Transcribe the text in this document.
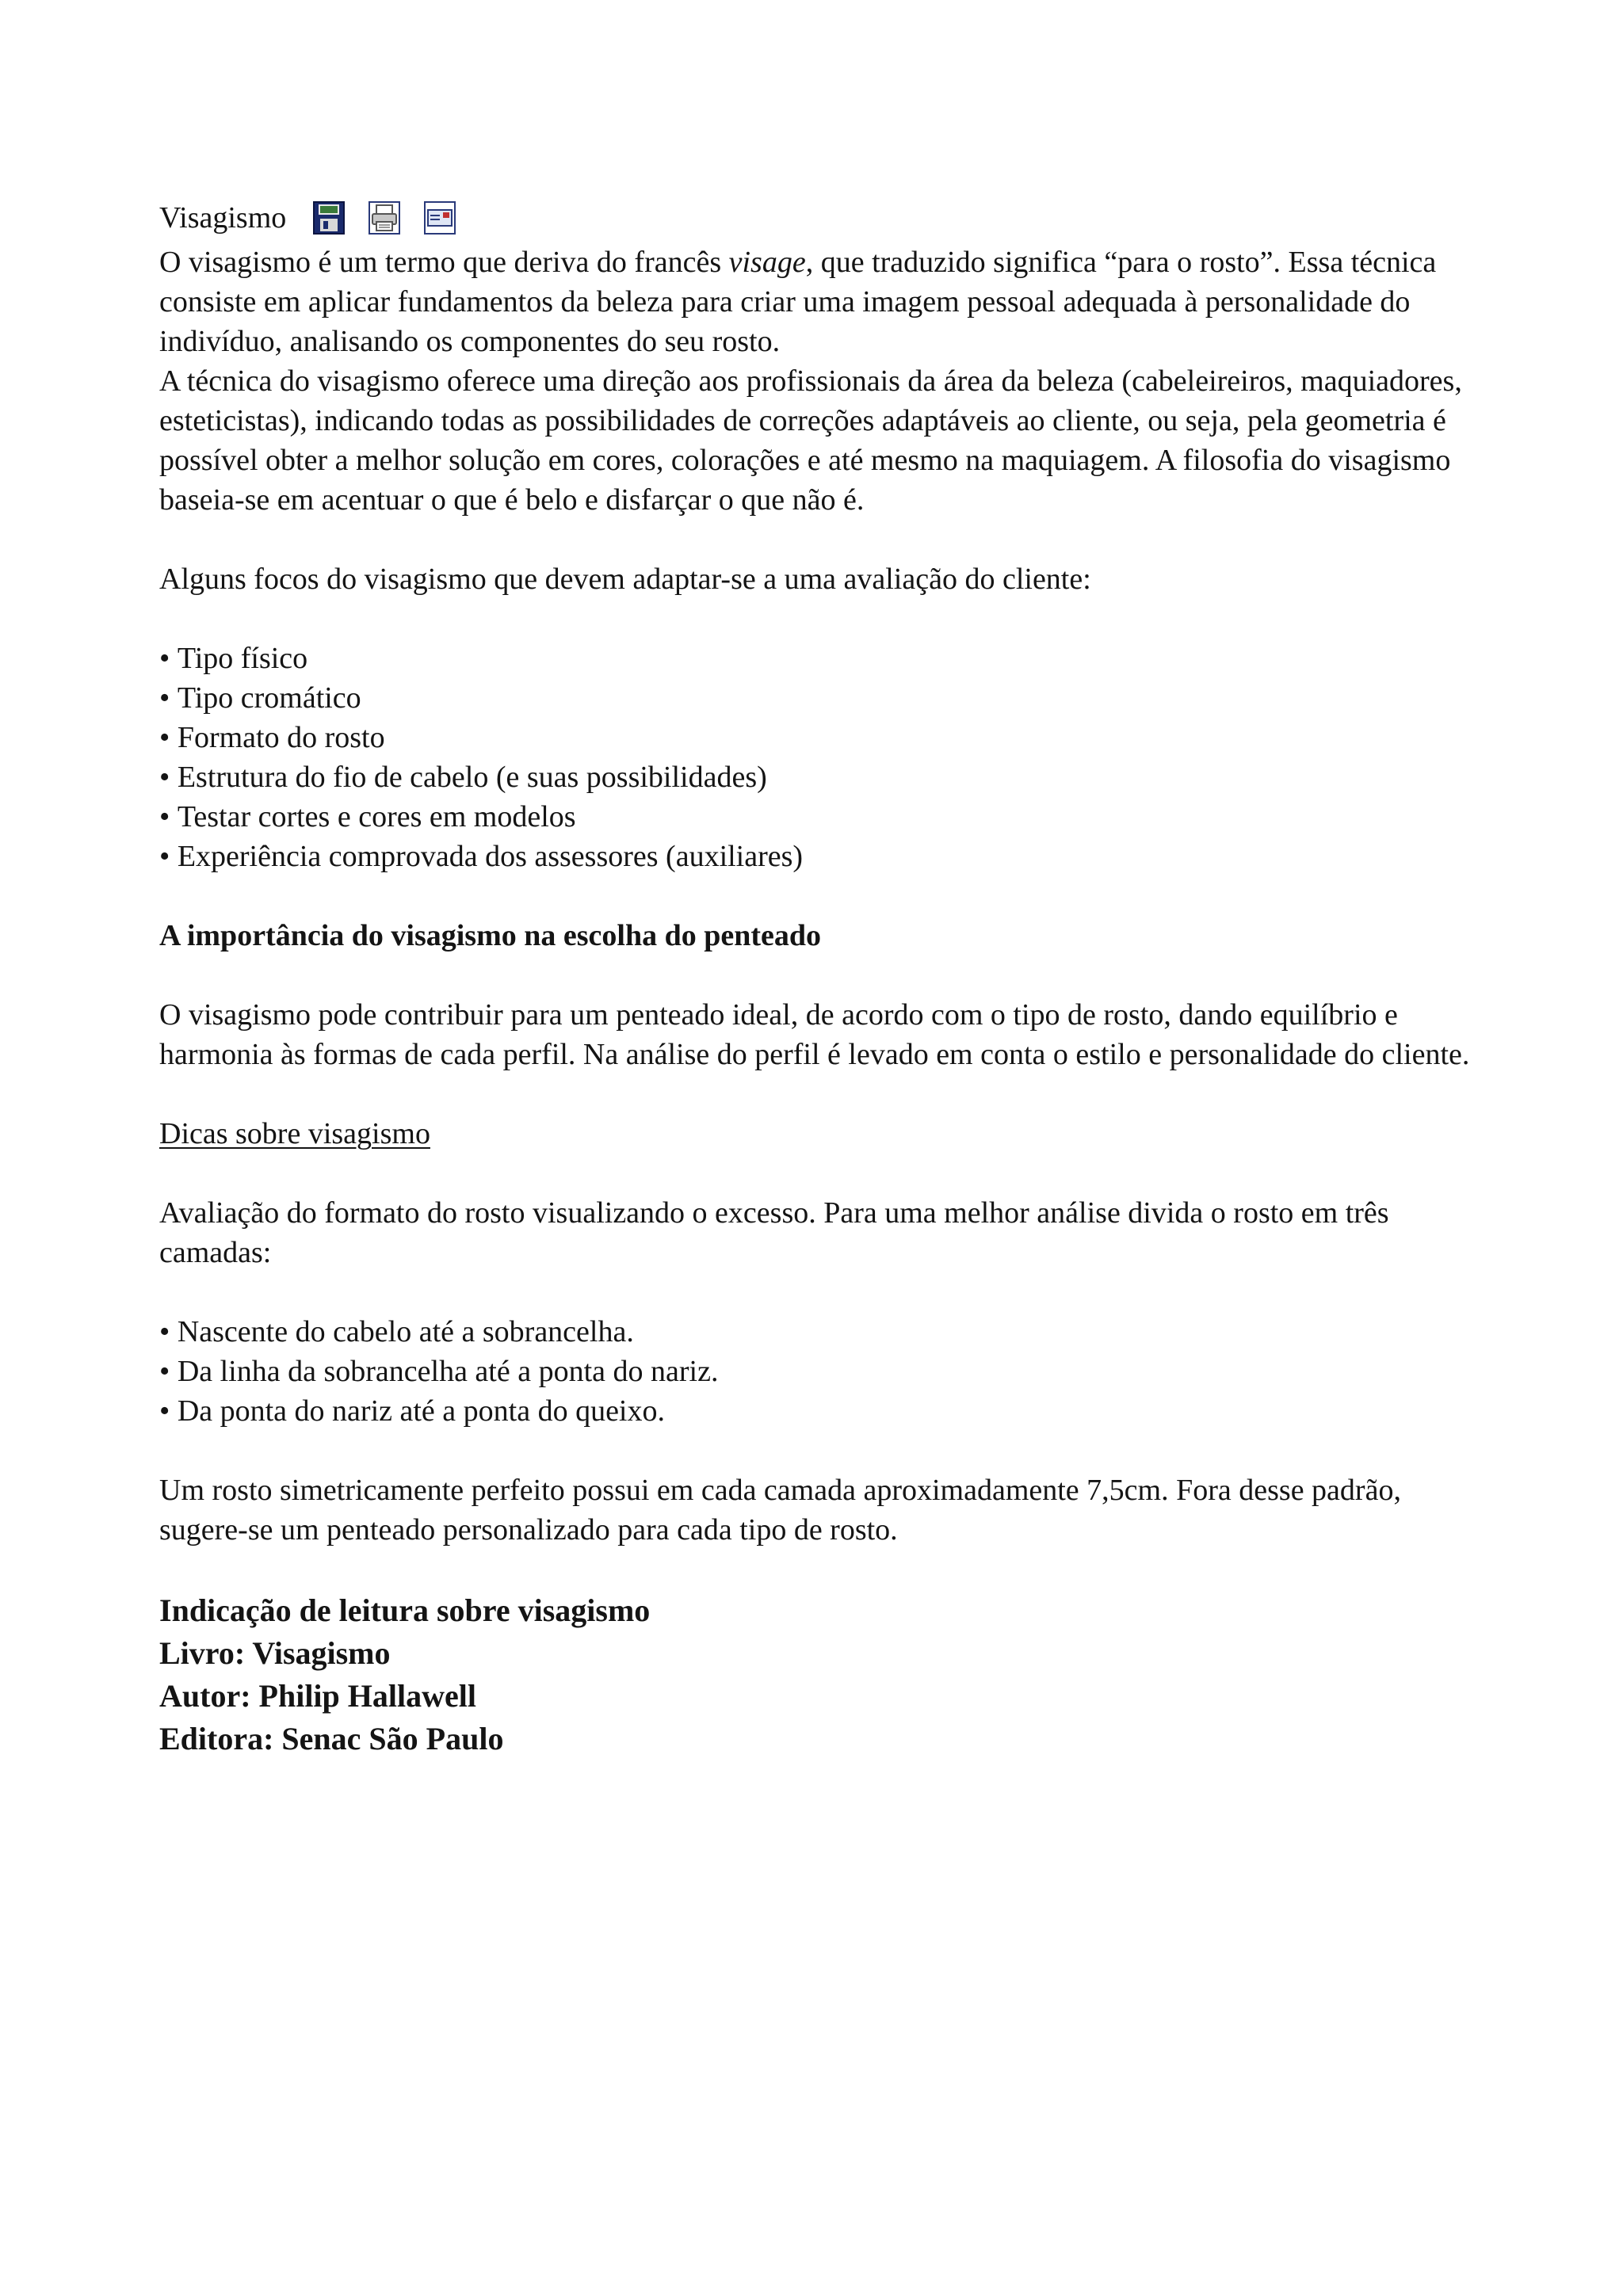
Visagismo

O visagismo é um termo que deriva do francês visage, que traduzido significa “para o rosto”. Essa técnica consiste em aplicar fundamentos da beleza para criar uma imagem pessoal adequada à personalidade do indivíduo, analisando os componentes do seu rosto.

A técnica do visagismo oferece uma direção aos profissionais da área da beleza (cabeleireiros, maquiadores, esteticistas), indicando todas as possibilidades de correções adaptáveis ao cliente, ou seja, pela geometria é possível obter a melhor solução em cores, colorações e até mesmo na maquiagem. A filosofia do visagismo baseia-se em acentuar o que é belo e disfarçar o que não é.

Alguns focos do visagismo que devem adaptar-se a uma avaliação do cliente:

• Tipo físico
• Tipo cromático
• Formato do rosto
• Estrutura do fio de cabelo (e suas possibilidades)
• Testar cortes e cores em modelos
• Experiência comprovada dos assessores (auxiliares)

A importância do visagismo na escolha do penteado

O visagismo pode contribuir para um penteado ideal, de acordo com o tipo de rosto, dando equilíbrio e harmonia às formas de cada perfil. Na análise do perfil é levado em conta o estilo e personalidade do cliente.

Dicas sobre visagismo

Avaliação do formato do rosto visualizando o excesso. Para uma melhor análise divida o rosto em três camadas:

• Nascente do cabelo até a sobrancelha.
• Da linha da sobrancelha até a ponta do nariz.
• Da ponta do nariz até a ponta do queixo.

Um rosto simetricamente perfeito possui em cada camada aproximadamente 7,5cm. Fora desse padrão, sugere-se um penteado personalizado para cada tipo de rosto.

Indicação de leitura sobre visagismo
Livro: Visagismo
Autor: Philip Hallawell
Editora: Senac São Paulo
